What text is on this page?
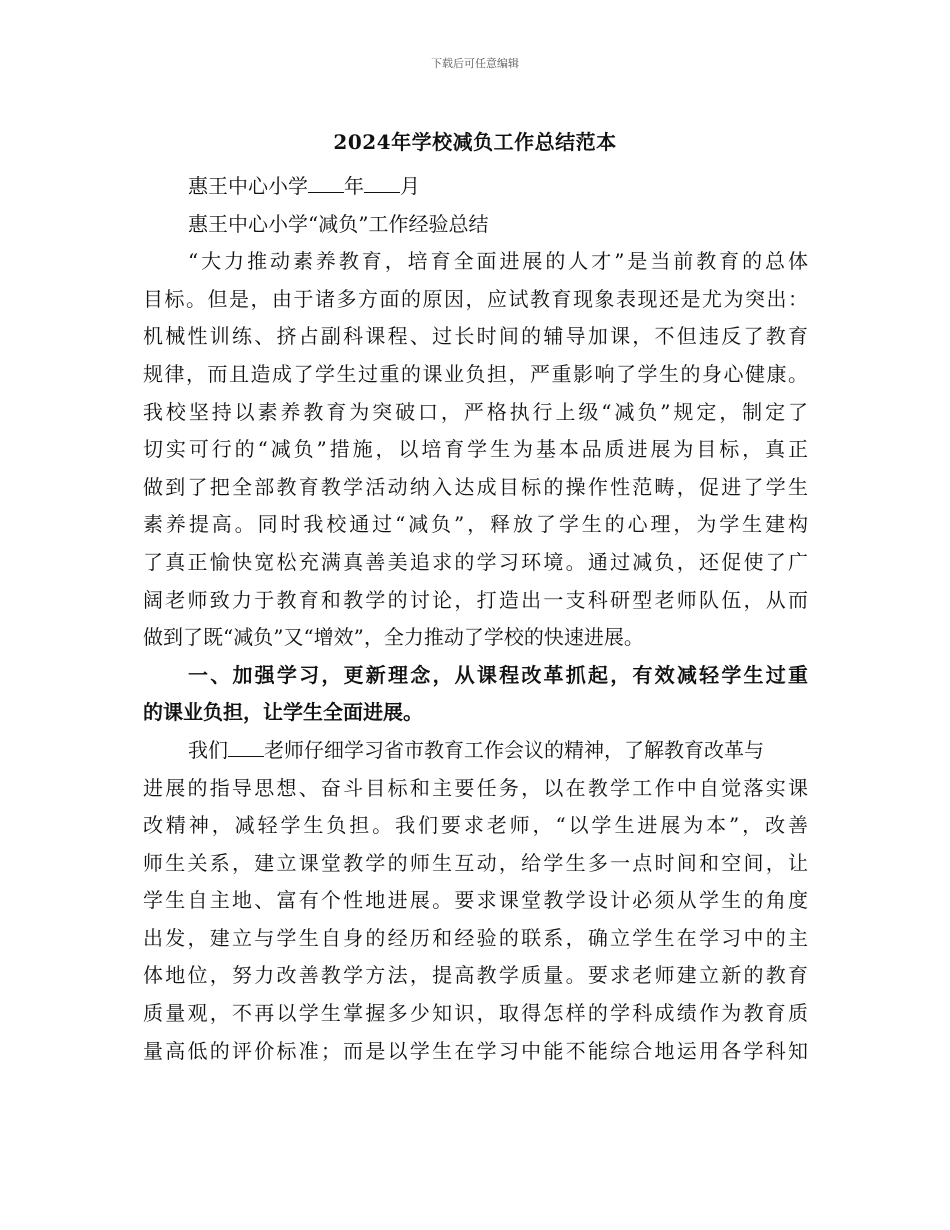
下载后可任意编辑
2024年学校减负工作总结范本
惠王中心小学 年 月
惠王中心小学“减负”工作经验总结
“大力推动素养教育，培育全面进展的人才”是当前教育的总体
目标。但是，由于诸多方面的原因，应试教育现象表现还是尤为突出：
机械性训练、挤占副科课程、过长时间的辅导加课，不但违反了教育
规律，而且造成了学生过重的课业负担，严重影响了学生的身心健康。
我校坚持以素养教育为突破口，严格执行上级“减负”规定，制定了
切实可行的“减负”措施，以培育学生为基本品质进展为目标，真正
做到了把全部教育教学活动纳入达成目标的操作性范畴，促进了学生
素养提高。同时我校通过“减负”，释放了学生的心理，为学生建构
了真正愉快宽松充满真善美追求的学习环境。通过减负，还促使了广
阔老师致力于教育和教学的讨论，打造出一支科研型老师队伍，从而
做到了既“减负”又“增效”，全力推动了学校的快速进展。
一、加强学习，更新理念，从课程改革抓起，有效减轻学生过重
的课业负担，让学生全面进展。
我们 老师仔细学习省市教育工作会议的精神，了解教育改革与
进展的指导思想、奋斗目标和主要任务，以在教学工作中自觉落实课
改精神，减轻学生负担。我们要求老师，“以学生进展为本”，改善
师生关系，建立课堂教学的师生互动，给学生多一点时间和空间，让
学生自主地、富有个性地进展。要求课堂教学设计必须从学生的角度
出发，建立与学生自身的经历和经验的联系，确立学生在学习中的主
体地位，努力改善教学方法，提高教学质量。要求老师建立新的教育
质量观，不再以学生掌握多少知识，取得怎样的学科成绩作为教育质
量高低的评价标准；而是以学生在学习中能不能综合地运用各学科知
